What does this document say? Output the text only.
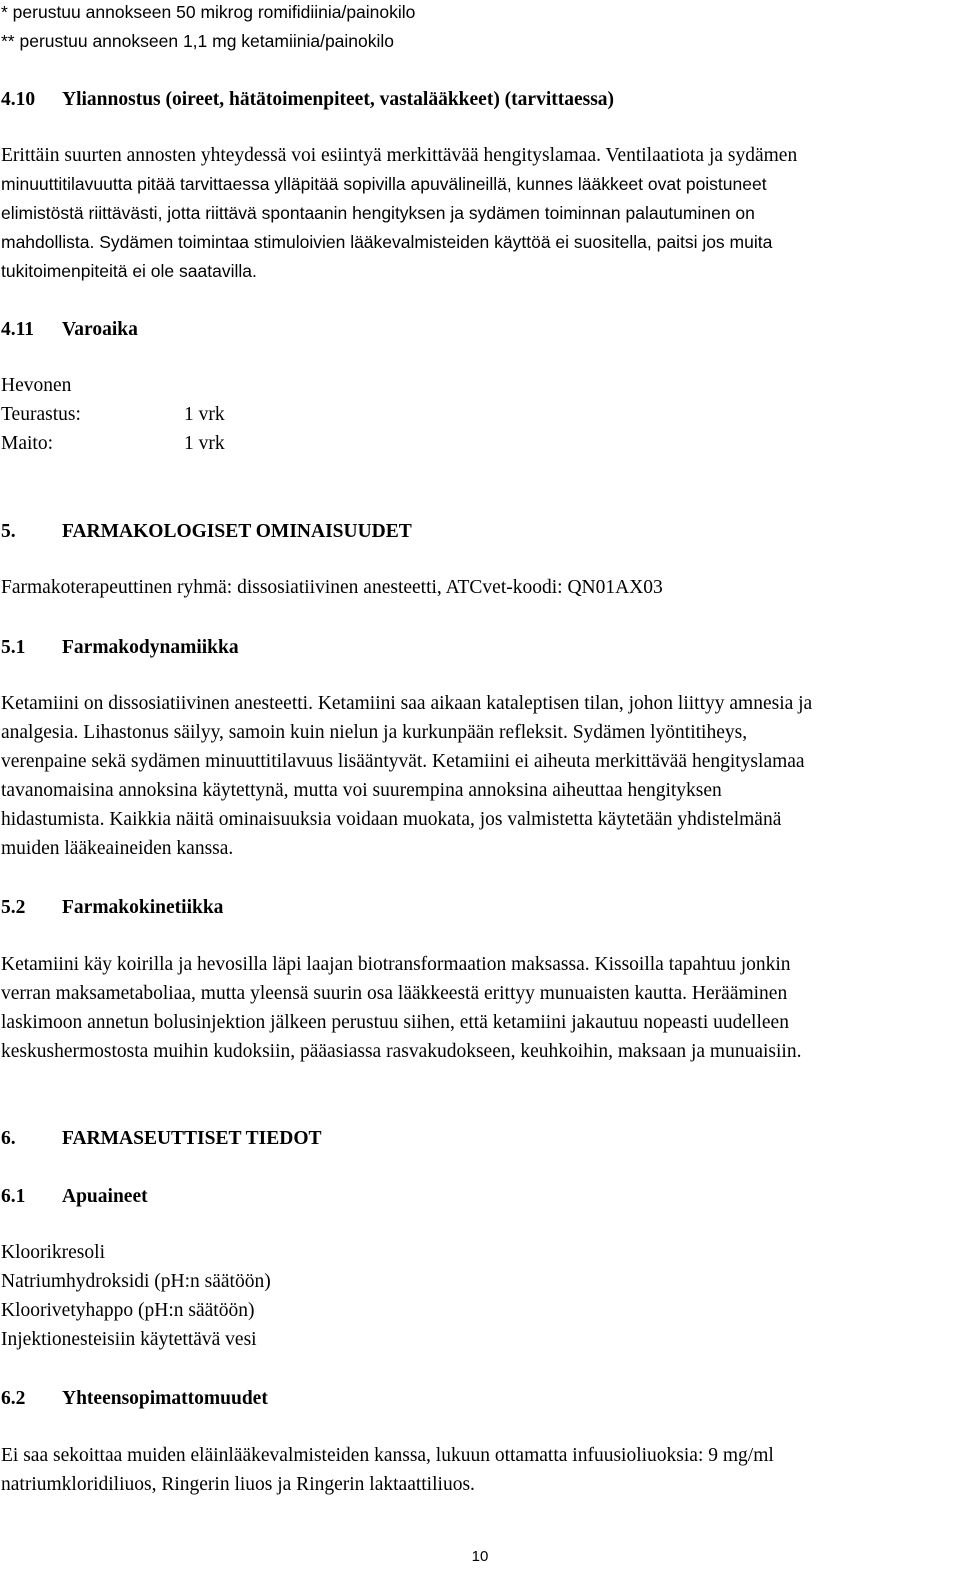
* perustuu annokseen 50 mikrog romifidiinia/painokilo
** perustuu annokseen 1,1 mg ketamiinia/painokilo
4.10 Yliannostus (oireet, hätätoimenpiteet, vastalääkkeet) (tarvittaessa)
Erittäin suurten annosten yhteydessä voi esiintyä merkittävää hengityslamaa. Ventilaatiota ja sydämen
minuuttitilavuutta pitää tarvittaessa ylläpitää sopivilla apuvälineillä, kunnes lääkkeet ovat poistuneet
elimistöstä riittävästi, jotta riittävä spontaanin hengityksen ja sydämen toiminnan palautuminen on
mahdollista. Sydämen toimintaa stimuloivien lääkevalmisteiden käyttöä ei suositella, paitsi jos muita
tukitoimenpiteitä ei ole saatavilla.
4.11 Varoaika
Hevonen
Teurastus:	1 vrk
Maito:	1 vrk
5. FARMAKOLOGISET OMINAISUUDET
Farmakoterapeuttinen ryhmä: dissosiatiivinen anesteetti, ATCvet-koodi: QN01AX03
5.1 Farmakodynamiikka
Ketamiini on dissosiatiivinen anesteetti. Ketamiini saa aikaan kataleptisen tilan, johon liittyy amnesia ja
analgesia. Lihastonus säilyy, samoin kuin nielun ja kurkunpään refleksit. Sydämen lyöntitiheys,
verenpaine sekä sydämen minuuttitilavuus lisääntyvät. Ketamiini ei aiheuta merkittävää hengityslamaa
tavanomaisina annoksina käytettynä, mutta voi suurempina annoksina aiheuttaa hengityksen
hidastumista. Kaikkia näitä ominaisuuksia voidaan muokata, jos valmistetta käytetään yhdistelmänä
muiden lääkeaineiden kanssa.
5.2 Farmakokinetiikka
Ketamiini käy koirilla ja hevosilla läpi laajan biotransformaation maksassa. Kissoilla tapahtuu jonkin
verran maksametaboliaa, mutta yleensä suurin osa lääkkeestä erittyy munuaisten kautta. Herääminen
laskimoon annetun bolusinjektion jälkeen perustuu siihen, että ketamiini jakautuu nopeasti uudelleen
keskushermostosta muihin kudoksiin, pääasiassa rasvakudokseen, keuhkoihin, maksaan ja munuaisiin.
6. FARMASEUTTISET TIEDOT
6.1 Apuaineet
Kloorikresoli
Natriumhydroksidi (pH:n säätöön)
Kloorivetyhappo (pH:n säätöön)
Injektionesteisiin käytettävä vesi
6.2 Yhteensopimattomuudet
Ei saa sekoittaa muiden eläinlääkevalmisteiden kanssa, lukuun ottamatta infuusioliuoksia: 9 mg/ml
natriumkloridiliuos, Ringerin liuos ja Ringerin laktaattiliuos.
10
